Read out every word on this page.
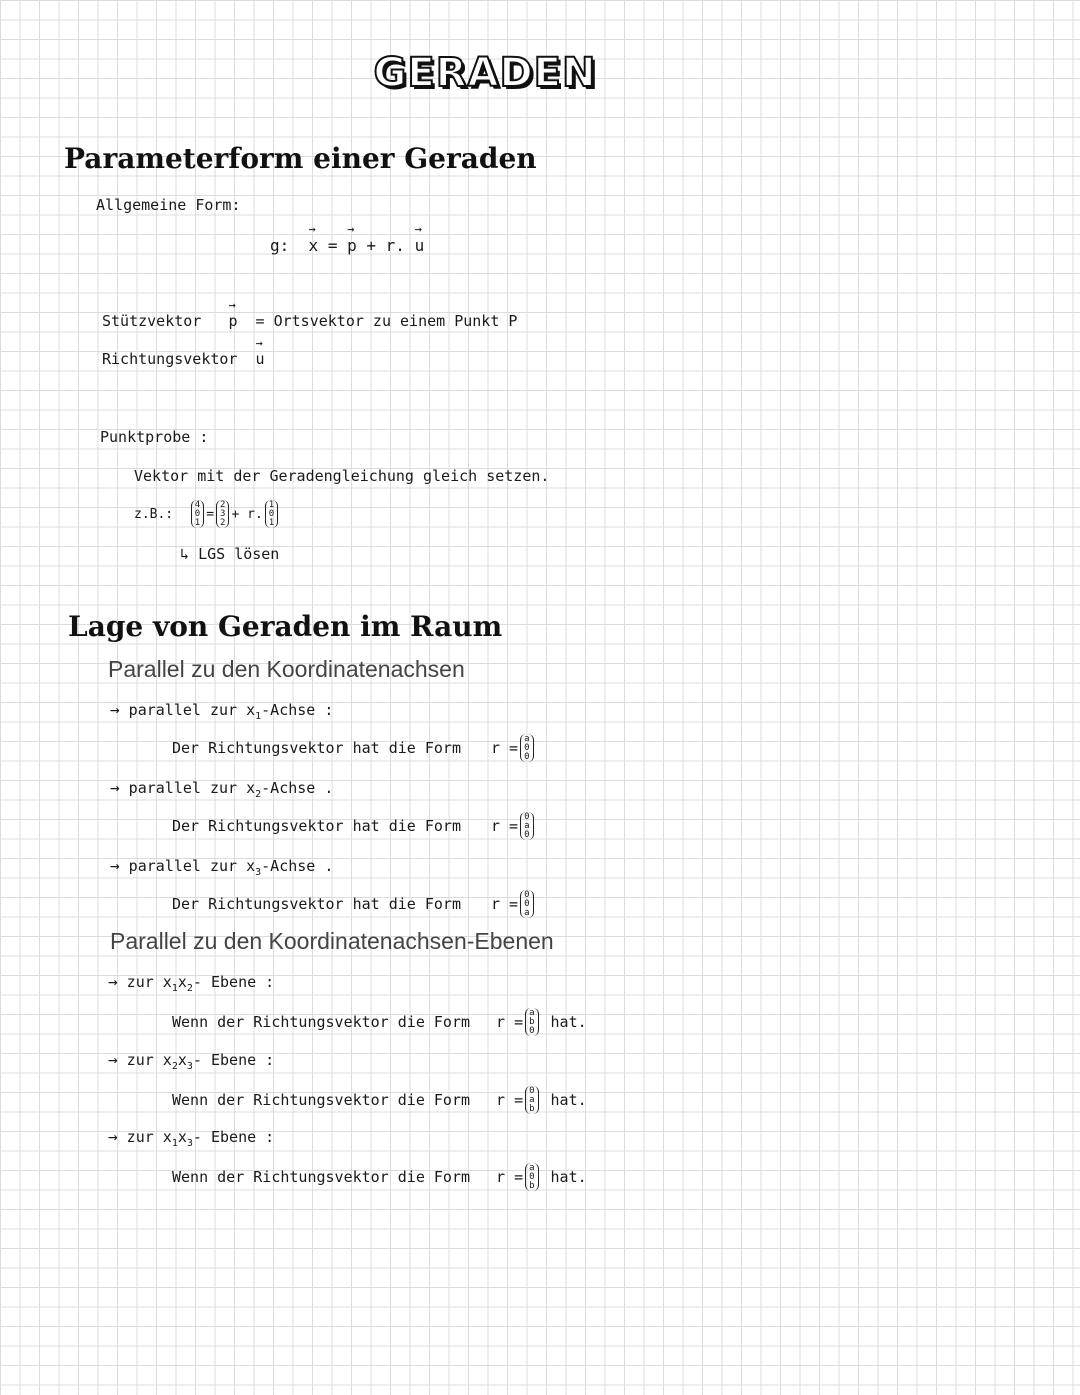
GERADEN
Parameterform einer Geraden
Allgemeine Form:
g: → x = → p + r. → u
Stützvektor → p = Ortsvektor zu einem Punkt P
Richtungsvektor → u
Punktprobe :
Vektor mit der Geradengleichung gleich setzen.
z.B.:

4
0
1
=
2
3
2
+ r.
1
0
1
↳ LGS lösen
Lage von Geraden im Raum
Parallel zu den Koordinatenachsen
→ parallel zur $x_1$-Achse :
Der Richtungsvektor hat die Form r =
a
0
0
→ parallel zur $x_2$-Achse .
Der Richtungsvektor hat die Form r =
0
a
0
→ parallel zur $x_3$-Achse .
Der Richtungsvektor hat die Form r =
0
0
a
Parallel zu den Koordinatenachsen-Ebenen
→ zur $x_1x_2-$ Ebene :
Wenn der Richtungsvektor die Form r =
a
b
0 hat.
→ zur $x_2x_3-$ Ebene :
Wenn der Richtungsvektor die Form r =
0
a
b hat.
→ zur $x_1x_3-$ Ebene :
Wenn der Richtungsvektor die Form r =
a
0
b hat.
